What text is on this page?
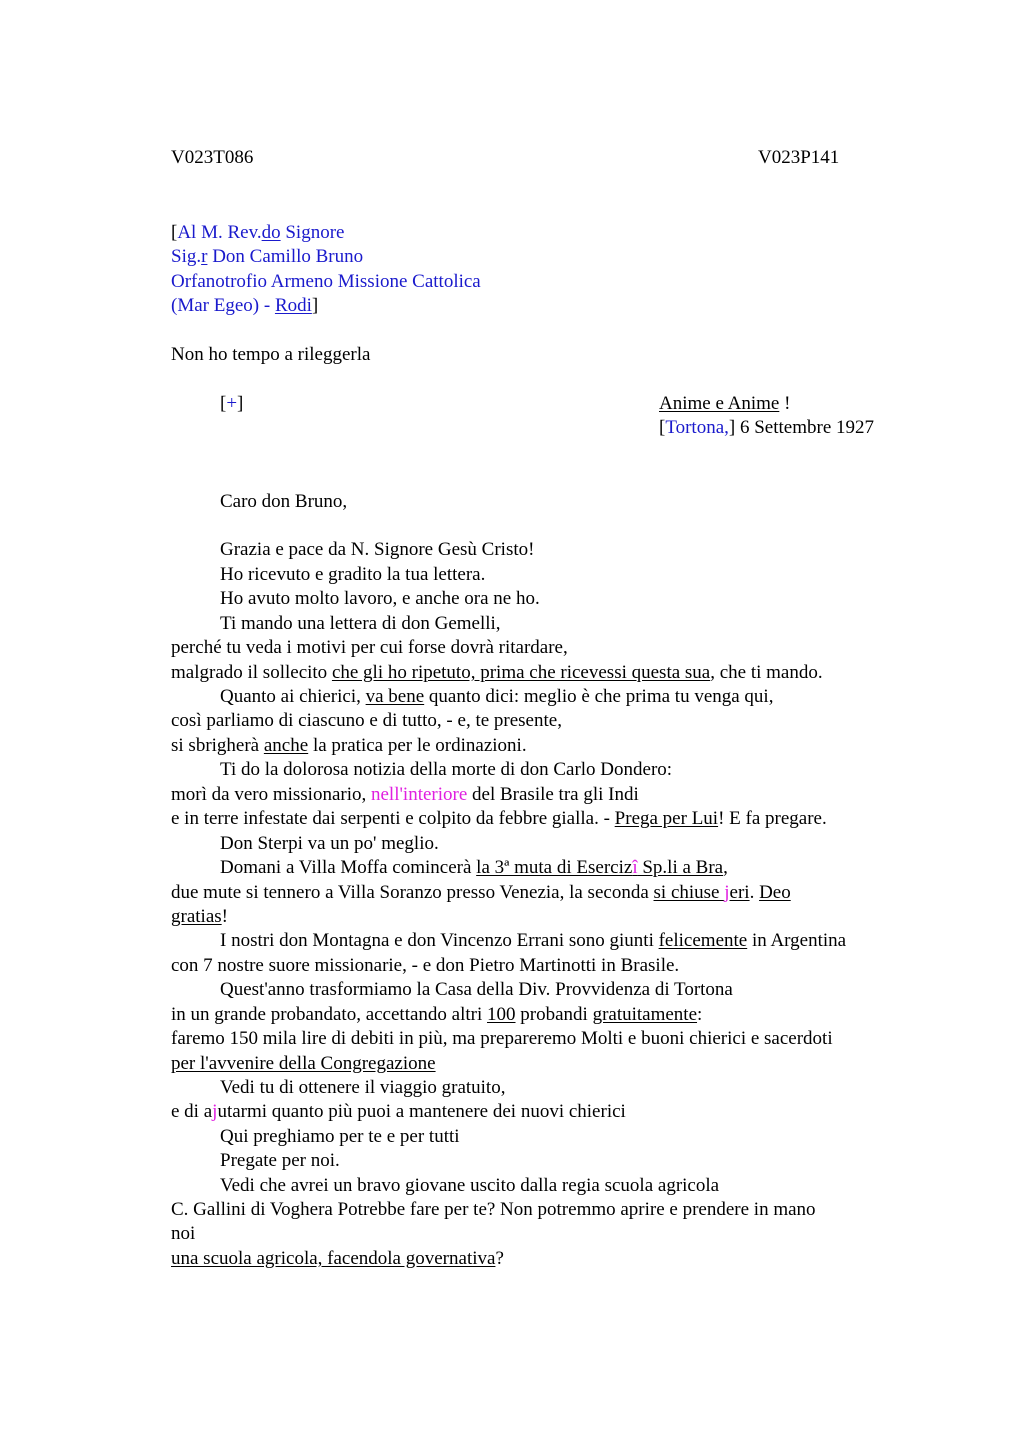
V023T086	V023P141
[Al M. Rev.do Signore
Sig.r Don Camillo Bruno
Orfanotrofio Armeno Missione Cattolica
(Mar Egeo) - Rodi]
Non ho tempo a rileggerla
[+]	Anime e Anime !
[Tortona,] 6 Settembre 1927
Caro don Bruno,
Grazia e pace da N. Signore Gesù Cristo!
Ho ricevuto e gradito la tua lettera.
Ho avuto molto lavoro, e anche ora ne ho.
Ti mando una lettera di don Gemelli,
perché tu veda i motivi per cui forse dovrà ritardare,
malgrado il sollecito che gli ho ripetuto, prima che ricevessi questa sua, che ti mando.
Quanto ai chierici, va bene quanto dici: meglio è che prima tu venga qui,
così parliamo di ciascuno e di tutto, - e, te presente,
si sbrigherà anche la pratica per le ordinazioni.
Ti do la dolorosa notizia della morte di don Carlo Dondero:
morì da vero missionario, nell'interiore del Brasile tra gli Indi
e in terre infestate dai serpenti e colpito da febbre gialla. - Prega per Lui! E fa pregare.
Don Sterpi va un po' meglio.
Domani a Villa Moffa comincerà la 3ª muta di Esercizî Sp.li a Bra,
due mute si tennero a Villa Soranzo presso Venezia, la seconda si chiuse jeri. Deo
gratias!
I nostri don Montagna e don Vincenzo Errani sono giunti felicemente in Argentina
con 7 nostre suore missionarie, - e don Pietro Martinotti in Brasile.
Quest'anno trasformiamo la Casa della Div. Provvidenza di Tortona
in un grande probandato, accettando altri 100 probandi gratuitamente:
faremo 150 mila lire di debiti in più, ma prepareremo Molti e buoni chierici e sacerdoti
per l'avvenire della Congregazione
Vedi tu di ottenere il viaggio gratuito,
e di ajutarmi quanto più puoi a mantenere dei nuovi chierici
Qui preghiamo per te e per tutti
Pregate per noi.
Vedi che avrei un bravo giovane uscito dalla regia scuola agricola
C. Gallini di Voghera Potrebbe fare per te? Non potremmo aprire e prendere in mano
noi
una scuola agricola, facendola governativa?
